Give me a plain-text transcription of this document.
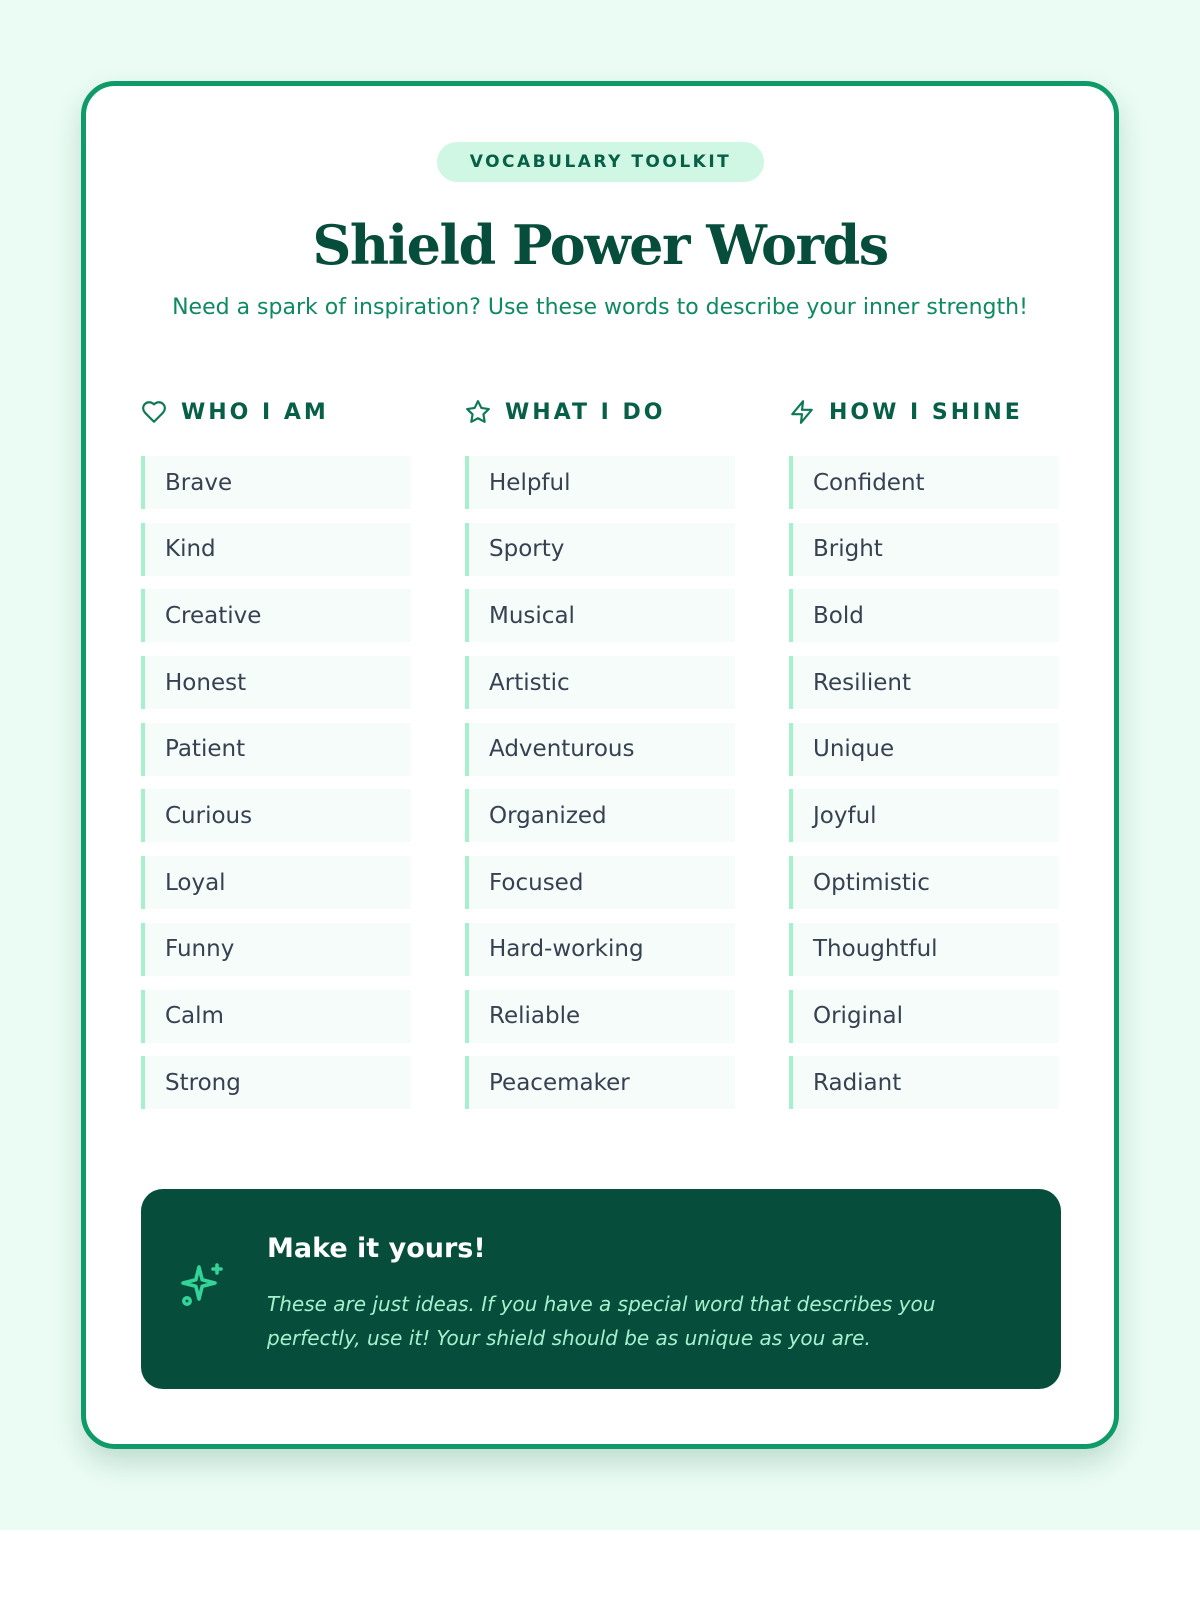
VOCABULARY TOOLKIT
Shield Power Words
Need a spark of inspiration? Use these words to describe your inner strength!
WHO I AM
Brave
Kind
Creative
Honest
Patient
Curious
Loyal
Funny
Calm
Strong
WHAT I DO
Helpful
Sporty
Musical
Artistic
Adventurous
Organized
Focused
Hard-working
Reliable
Peacemaker
HOW I SHINE
Confident
Bright
Bold
Resilient
Unique
Joyful
Optimistic
Thoughtful
Original
Radiant
Make it yours!
These are just ideas. If you have a special word that describes you perfectly, use it! Your shield should be as unique as you are.
